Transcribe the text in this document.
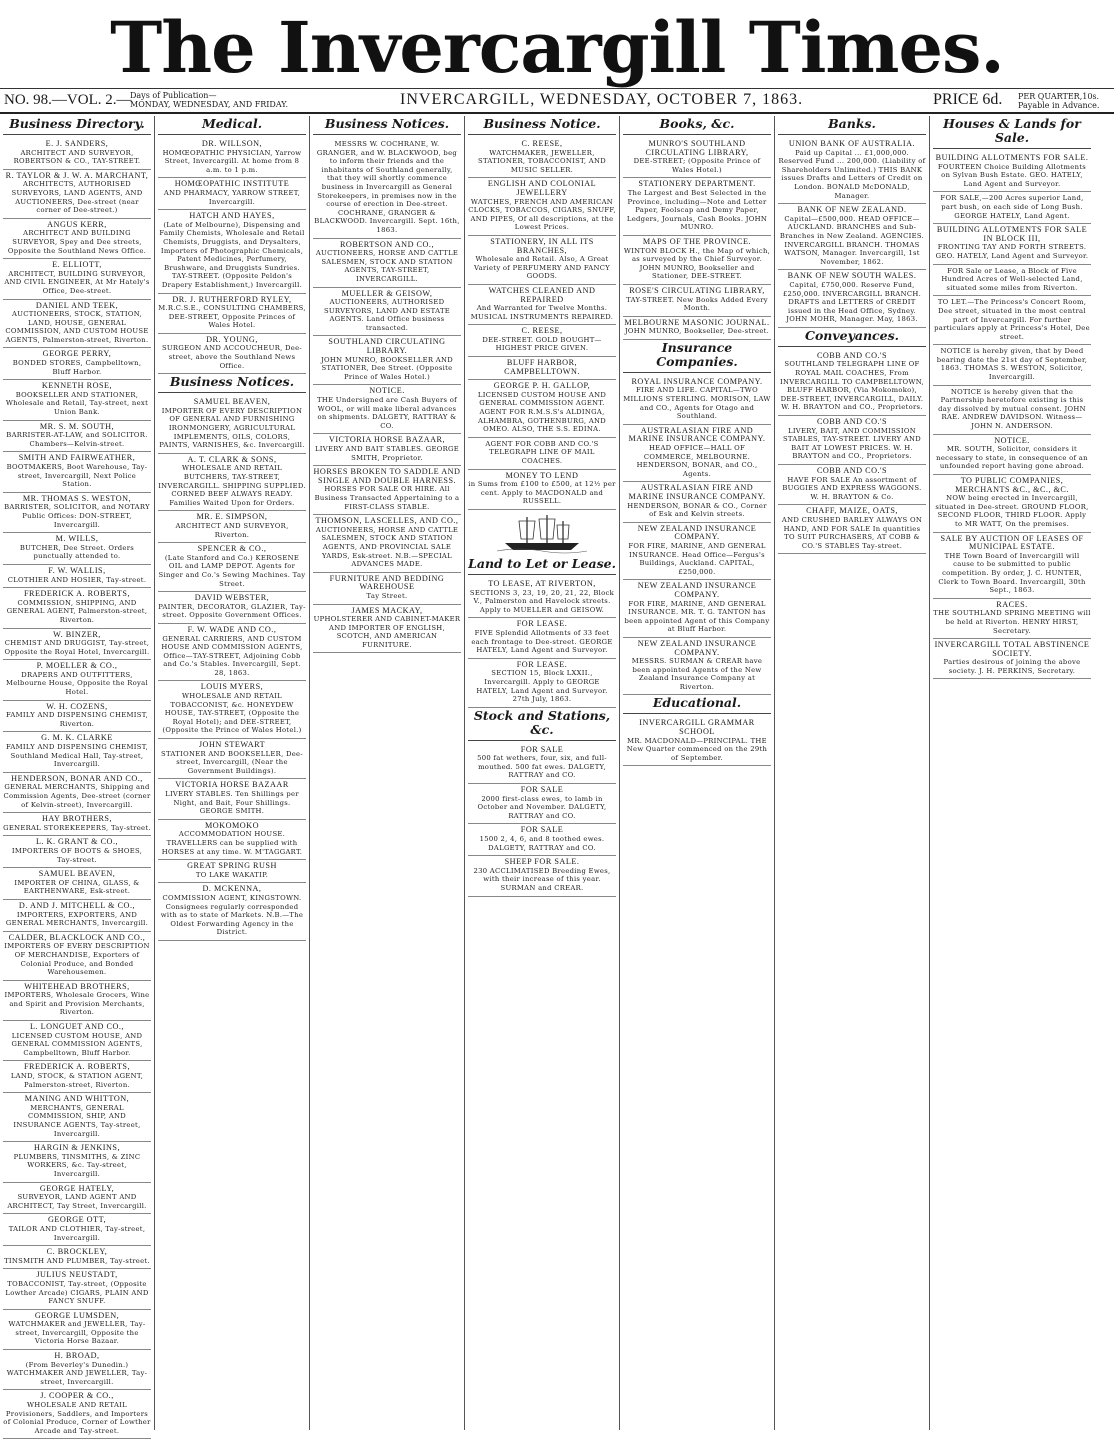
The Invercargill Times.
NO. 98.—VOL. 2.—
Days of Publication—
MONDAY, WEDNESDAY, AND FRIDAY.	INVERCARGILL, WEDNESDAY, OCTOBER 7, 1863.	PRICE 6d. PER QUARTER,10s.
Payable in Advance.
Business Directory.
E. J. SANDERS,
ARCHITECT AND SURVEYOR, ROBERTSON & CO., TAY-STREET.
R. TAYLOR & J. W. A. MARCHANT,
ARCHITECTS, AUTHORISED SURVEYORS, LAND AGENTS, AND AUCTIONEERS, Dee-street (near corner of Dee-street.)
ANGUS KERR,
ARCHITECT AND BUILDING SURVEYOR, Spey and Dee streets, Opposite the Southland News Office.
E. ELLIOTT,
ARCHITECT, BUILDING SURVEYOR, AND CIVIL ENGINEER, At Mr Hately's Office, Dee-street.
DANIEL AND TEEK,
AUCTIONEERS, STOCK, STATION, LAND, HOUSE, GENERAL COMMISSION, AND CUSTOM HOUSE AGENTS, Palmerston-street, Riverton.
GEORGE PERRY,
BONDED STORES, Campbelltown, Bluff Harbor.
KENNETH ROSE,
BOOKSELLER AND STATIONER, Wholesale and Retail, Tay-street, next Union Bank.
MR. S. M. SOUTH,
BARRISTER-AT-LAW, and SOLICITOR. Chambers—Kelvin-street.
SMITH AND FAIRWEATHER,
BOOTMAKERS, Boot Warehouse, Tay-street, Invercargill, Next Police Station.
MR. THOMAS S. WESTON,
BARRISTER, SOLICITOR, and NOTARY Public Offices: DON-STREET, Invercargill.
M. WILLS,
BUTCHER, Dee Street. Orders punctually attended to.
F. W. WALLIS,
CLOTHIER AND HOSIER, Tay-street.
FREDERICK A. ROBERTS,
COMMISSION, SHIPPING, AND GENERAL AGENT, Palmerston-street, Riverton.
W. BINZER,
CHEMIST AND DRUGGIST, Tay-street, Opposite the Royal Hotel, Invercargill.
P. MOELLER & CO.,
DRAPERS AND OUTFITTERS, Melbourne House, Opposite the Royal Hotel.
W. H. COZENS,
FAMILY AND DISPENSING CHEMIST, Riverton.
G. M. K. CLARKE
FAMILY AND DISPENSING CHEMIST, Southland Medical Hall, Tay-street, Invercargill.
HENDERSON, BONAR AND CO.,
GENERAL MERCHANTS, Shipping and Commission Agents, Dee-street (corner of Kelvin-street), Invercargill.
HAY BROTHERS,
GENERAL STOREKEEPERS, Tay-street.
L. K. GRANT & CO.,
IMPORTERS OF BOOTS & SHOES, Tay-street.
SAMUEL BEAVEN,
IMPORTER OF CHINA, GLASS, & EARTHENWARE, Esk-street.
D. AND J. MITCHELL & CO.,
IMPORTERS, EXPORTERS, AND GENERAL MERCHANTS, Invercargill.
CALDER, BLACKLOCK AND CO.,
IMPORTERS OF EVERY DESCRIPTION OF MERCHANDISE, Exporters of Colonial Produce, and Bonded Warehousemen.
WHITEHEAD BROTHERS,
IMPORTERS, Wholesale Grocers, Wine and Spirit and Provision Merchants, Riverton.
L. LONGUET AND CO.,
LICENSED CUSTOM HOUSE, AND GENERAL COMMISSION AGENTS, Campbelltown, Bluff Harbor.
FREDERICK A. ROBERTS,
LAND, STOCK, & STATION AGENT, Palmerston-street, Riverton.
MANING AND WHITTON,
MERCHANTS, GENERAL COMMISSION, SHIP, AND INSURANCE AGENTS, Tay-street, Invercargill.
HARGIN & JENKINS,
PLUMBERS, TINSMITHS, & ZINC WORKERS, &c. Tay-street, Invercargill.
GEORGE HATELY,
SURVEYOR, LAND AGENT AND ARCHITECT, Tay Street, Invercargill.
GEORGE OTT,
TAILOR AND CLOTHIER, Tay-street, Invercargill.
C. BROCKLEY,
TINSMITH AND PLUMBER, Tay-street.
JULIUS NEUSTADT,
TOBACCONIST, Tay-street, (Opposite Lowther Arcade) CIGARS, PLAIN AND FANCY SNUFF.
GEORGE LUMSDEN,
WATCHMAKER and JEWELLER, Tay-street, Invercargill, Opposite the Victoria Horse Bazaar.
H. BROAD,
(From Beverley's Dunedin.) WATCHMAKER AND JEWELLER, Tay-street, Invercargill.
J. COOPER & CO.,
WHOLESALE AND RETAIL Provisioners, Saddlers, and Importers of Colonial Produce, Corner of Lowther Arcade and Tay-street.
Medical.
DR. WILLSON,
HOMŒOPATHIC PHYSICIAN, Yarrow Street, Invercargill. At home from 8 a.m. to 1 p.m.
HOMŒOPATHIC INSTITUTE
AND PHARMACY, YARROW STREET, Invercargill.
HATCH AND HAYES,
(Late of Melbourne), Dispensing and Family Chemists, Wholesale and Retail Chemists, Druggists, and Drysalters, Importers of Photographic Chemicals, Patent Medicines, Perfumery, Brushware, and Druggists Sundries. TAY-STREET. (Opposite Peldon's Drapery Establishment,) Invercargill.
DR. J. RUTHERFORD RYLEY,
M.R.C.S.E., CONSULTING CHAMBERS, DEE-STREET, Opposite Princes of Wales Hotel.
DR. YOUNG,
SURGEON AND ACCOUCHEUR, Dee-street, above the Southland News Office.
Business Notices.
SAMUEL BEAVEN,
IMPORTER OF EVERY DESCRIPTION OF GENERAL AND FURNISHING IRONMONGERY, AGRICULTURAL IMPLEMENTS, OILS, COLORS, PAINTS, VARNISHES, &c. Invercargill.
A. T. CLARK & SONS,
WHOLESALE AND RETAIL BUTCHERS, TAY-STREET, INVERCARGILL. SHIPPING SUPPLIED. CORNED BEEF ALWAYS READY. Families Waited Upon for Orders.
MR. E. SIMPSON,
ARCHITECT AND SURVEYOR, Riverton.
SPENCER & CO.,
(Late Stanford and Co.) KEROSENE OIL and LAMP DEPOT. Agents for Singer and Co.'s Sewing Machines. Tay Street.
DAVID WEBSTER,
PAINTER, DECORATOR, GLAZIER, Tay-street. Opposite Government Offices.
F. W. WADE AND CO.,
GENERAL CARRIERS, AND CUSTOM HOUSE AND COMMISSION AGENTS, Office—TAY-STREET, Adjoining Cobb and Co.'s Stables. Invercargill, Sept. 28, 1863.
LOUIS MYERS,
WHOLESALE AND RETAIL TOBACCONIST, &c. HONEYDEW HOUSE, TAY-STREET, (Opposite the Royal Hotel); and DEE-STREET, (Opposite the Prince of Wales Hotel.)
JOHN STEWART
STATIONER AND BOOKSELLER, Dee-street, Invercargill, (Near the Government Buildings).
VICTORIA HORSE BAZAAR
LIVERY STABLES. Ten Shillings per Night, and Bait, Four Shillings. GEORGE SMITH.
MOKOMOKO
ACCOMMODATION HOUSE. TRAVELLERS can be supplied with HORSES at any time. W. M'TAGGART.
GREAT SPRING RUSH
TO LAKE WAKATIP.
D. MCKENNA,
COMMISSION AGENT, KINGSTOWN. Consignees regularly corresponded with as to state of Markets. N.B.—The Oldest Forwarding Agency in the District.
Business Notices.
MESSRS W. COCHRANE, W. GRANGER, and W. BLACKWOOD, beg to inform their friends and the inhabitants of Southland generally, that they will shortly commence business in Invercargill as General Storekeepers, in premises now in the course of erection in Dee-street. COCHRANE, GRANGER & BLACKWOOD. Invercargill. Sept. 16th, 1863.
ROBERTSON AND CO.,
AUCTIONEERS, HORSE AND CATTLE SALESMEN, STOCK AND STATION AGENTS, TAY-STREET, INVERCARGILL.
MUELLER & GEISOW,
AUCTIONEERS, AUTHORISED SURVEYORS, LAND AND ESTATE AGENTS. Land Office business transacted.
SOUTHLAND CIRCULATING LIBRARY.
JOHN MUNRO, BOOKSELLER AND STATIONER, Dee Street. (Opposite Prince of Wales Hotel.)
NOTICE.
THE Undersigned are Cash Buyers of WOOL, or will make liberal advances on shipments. DALGETY, RATTRAY & CO.
VICTORIA HORSE BAZAAR,
LIVERY AND BAIT STABLES. GEORGE SMITH, Proprietor.
HORSES BROKEN TO SADDLE AND SINGLE AND DOUBLE HARNESS.
HORSES FOR SALE OR HIRE. All Business Transacted Appertaining to a FIRST-CLASS STABLE.
THOMSON, LASCELLES, AND CO.,
AUCTIONEERS, HORSE AND CATTLE SALESMEN, STOCK AND STATION AGENTS, AND PROVINCIAL SALE YARDS, Esk-street. N.B.—SPECIAL ADVANCES MADE.
FURNITURE AND BEDDING WAREHOUSE
Tay Street.
JAMES MACKAY,
UPHOLSTERER AND CABINET-MAKER AND IMPORTER OF ENGLISH, SCOTCH, AND AMERICAN FURNITURE.
Business Notice.
C. REESE,
WATCHMAKER, JEWELLER, STATIONER, TOBACCONIST, AND MUSIC SELLER.
ENGLISH AND COLONIAL JEWELLERY
WATCHES, FRENCH AND AMERICAN CLOCKS, TOBACCOS, CIGARS, SNUFF, AND PIPES, Of all descriptions, at the Lowest Prices.
STATIONERY, IN ALL ITS BRANCHES,
Wholesale and Retail. Also, A Great Variety of PERFUMERY AND FANCY GOODS.
WATCHES CLEANED AND REPAIRED
And Warranted for Twelve Months. MUSICAL INSTRUMENTS REPAIRED.
C. REESE,
DEE-STREET. GOLD BOUGHT—HIGHEST PRICE GIVEN.
BLUFF HARBOR, CAMPBELLTOWN.
GEORGE P. H. GALLOP,
LICENSED CUSTOM HOUSE AND GENERAL COMMISSION AGENT. AGENT FOR R.M.S.S's ALDINGA, ALHAMBRA, GOTHENBURG, AND OMEO. ALSO, THE S.S. EDINA.
AGENT FOR COBB AND CO.'S TELEGRAPH LINE OF MAIL COACHES.
MONEY TO LEND
in Sums from £100 to £500, at 12½ per cent. Apply to MACDONALD and RUSSELL.
Land to Let or Lease.
TO LEASE, AT RIVERTON,
SECTIONS 3, 23, 19, 20, 21, 22, Block V., Palmerston and Havelock streets. Apply to MUELLER and GEISOW.
FOR LEASE.
FIVE Splendid Allotments of 33 feet each frontage to Dee-street. GEORGE HATELY, Land Agent and Surveyor.
FOR LEASE.
SECTION 15, Block LXXII., Invercargill. Apply to GEORGE HATELY, Land Agent and Surveyor. 27th July, 1863.
Stock and Stations, &c.
FOR SALE
500 fat wethers, four, six, and full-mouthed. 500 fat ewes. DALGETY, RATTRAY and CO.
FOR SALE
2000 first-class ewes, to lamb in October and November. DALGETY, RATTRAY and CO.
FOR SALE
1500 2, 4, 6, and 8 toothed ewes. DALGETY, RATTRAY and CO.
SHEEP FOR SALE.
230 ACCLIMATISED Breeding Ewes, with their increase of this year. SURMAN and CREAR.
Books, &c.
MUNRO'S SOUTHLAND CIRCULATING LIBRARY,
DEE-STREET; (Opposite Prince of Wales Hotel.)
STATIONERY DEPARTMENT.
The Largest and Best Selected in the Province, including—Note and Letter Paper, Foolscap and Demy Paper, Ledgers, Journals, Cash Books. JOHN MUNRO.
MAPS OF THE PROVINCE.
WINTON BLOCK H., the Map of which, as surveyed by the Chief Surveyor. JOHN MUNRO, Bookseller and Stationer, DEE-STREET.
ROSE'S CIRCULATING LIBRARY,
TAY-STREET. New Books Added Every Month.
MELBOURNE MASONIC JOURNAL.
JOHN MUNRO, Bookseller, Dee-street.
Insurance Companies.
ROYAL INSURANCE COMPANY.
FIRE AND LIFE. CAPITAL—TWO MILLIONS STERLING. MORISON, LAW and CO., Agents for Otago and Southland.
AUSTRALASIAN FIRE AND MARINE INSURANCE COMPANY.
HEAD OFFICE—HALL OF COMMERCE, MELBOURNE. HENDERSON, BONAR, and CO., Agents.
AUSTRALASIAN FIRE AND MARINE INSURANCE COMPANY.
HENDERSON, BONAR & CO., Corner of Esk and Kelvin streets.
NEW ZEALAND INSURANCE COMPANY.
FOR FIRE, MARINE, AND GENERAL INSURANCE. Head Office—Fergus's Buildings, Auckland. CAPITAL, £250,000.
NEW ZEALAND INSURANCE COMPANY.
FOR FIRE, MARINE, AND GENERAL INSURANCE. MR. T. G. TANTON has been appointed Agent of this Company at Bluff Harbor.
NEW ZEALAND INSURANCE COMPANY.
MESSRS. SURMAN & CREAR have been appointed Agents of the New Zealand Insurance Company at Riverton.
Educational.
INVERCARGILL GRAMMAR SCHOOL
MR. MACDONALD—PRINCIPAL. THE New Quarter commenced on the 29th of September.
Banks.
UNION BANK OF AUSTRALIA.
Paid up Capital ... £1,000,000. Reserved Fund ... 200,000. (Liability of Shareholders Unlimited.) THIS BANK issues Drafts and Letters of Credit on London. BONALD McDONALD, Manager.
BANK OF NEW ZEALAND.
Capital—£500,000. HEAD OFFICE—AUCKLAND. BRANCHES and Sub-Branches in New Zealand. AGENCIES. INVERCARGILL BRANCH. THOMAS WATSON, Manager. Invercargill, 1st November, 1862.
BANK OF NEW SOUTH WALES.
Capital, £750,000. Reserve Fund, £250,000. INVERCARGILL BRANCH. DRAFTS and LETTERS of CREDIT issued in the Head Office, Sydney. JOHN MOHR, Manager. May, 1863.
Conveyances.
COBB AND CO.'S
SOUTHLAND TELEGRAPH LINE OF ROYAL MAIL COACHES, From INVERCARGILL TO CAMPBELLTOWN, BLUFF HARBOR, (Via Mokomoko), DEE-STREET, INVERCARGILL, DAILY. W. H. BRAYTON and CO., Proprietors.
COBB AND CO.'S
LIVERY, BAIT, AND COMMISSION STABLES, TAY-STREET. LIVERY AND BAIT AT LOWEST PRICES. W. H. BRAYTON and CO., Proprietors.
COBB AND CO.'S
HAVE FOR SALE An assortment of BUGGIES AND EXPRESS WAGGONS. W. H. BRAYTON & Co.
CHAFF, MAIZE, OATS,
AND CRUSHED BARLEY ALWAYS ON HAND, AND FOR SALE In quantities TO SUIT PURCHASERS, AT COBB & CO.'S STABLES Tay-street.
Houses & Lands for Sale.
BUILDING ALLOTMENTS FOR SALE.
FOURTEEN Choice Building Allotments on Sylvan Bush Estate. GEO. HATELY, Land Agent and Surveyor.
FOR SALE,—200 Acres superior Land, part bush, on each side of Long Bush. GEORGE HATELY, Land Agent.
BUILDING ALLOTMENTS FOR SALE IN BLOCK III,
FRONTING TAY AND FORTH STREETS. GEO. HATELY, Land Agent and Surveyor.
FOR Sale or Lease, a Block of Five Hundred Acres of Well-selected Land, situated some miles from Riverton.
TO LET.—The Princess's Concert Room, Dee street, situated in the most central part of Invercargill. For further particulars apply at Princess's Hotel, Dee street.
NOTICE is hereby given, that by Deed bearing date the 21st day of September, 1863. THOMAS S. WESTON, Solicitor, Invercargill.
NOTICE is hereby given that the Partnership heretofore existing is this day dissolved by mutual consent. JOHN RAE. ANDREW DAVIDSON. Witness—JOHN N. ANDERSON.
NOTICE.
MR. SOUTH, Solicitor, considers it necessary to state, in consequence of an unfounded report having gone abroad.
TO PUBLIC COMPANIES, MERCHANTS &C., &C., &C.
NOW being erected in Invercargill, situated in Dee-street. GROUND FLOOR, SECOND FLOOR, THIRD FLOOR. Apply to MR WATT, On the premises.
SALE BY AUCTION OF LEASES OF MUNICIPAL ESTATE.
THE Town Board of Invercargill will cause to be submitted to public competition. By order, J. C. HUNTER, Clerk to Town Board. Invercargill, 30th Sept., 1863.
RACES.
THE SOUTHLAND SPRING MEETING will be held at Riverton. HENRY HIRST, Secretary.
INVERCARGILL TOTAL ABSTINENCE SOCIETY.
Parties desirous of joining the above society. J. H. PERKINS, Secretary.
